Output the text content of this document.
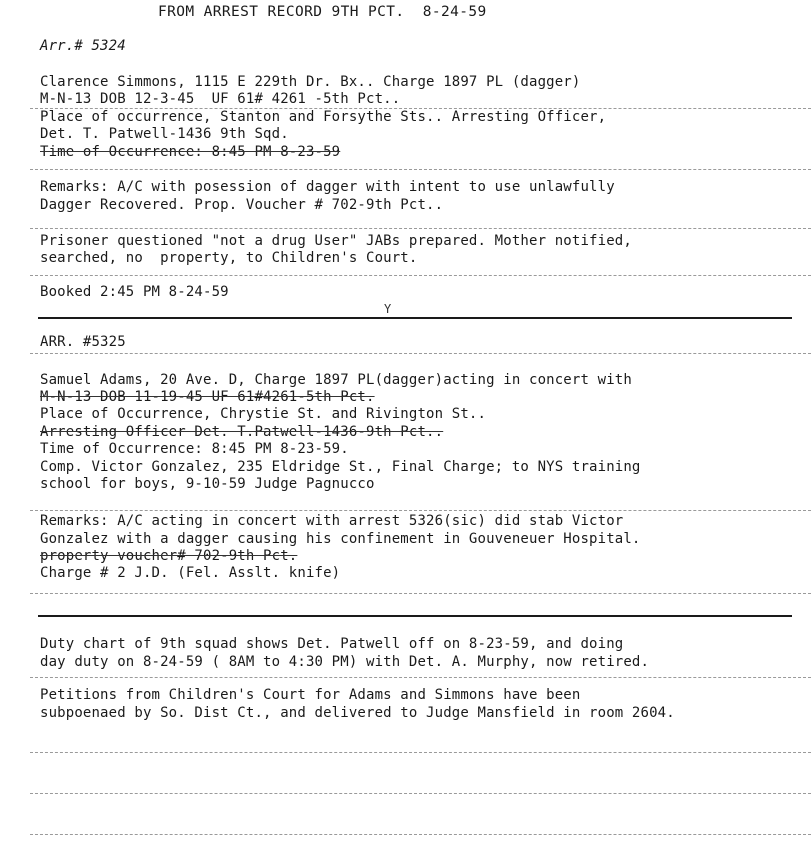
FROM ARREST RECORD 9TH PCT.  8-24-59
Arr.# 5324
Clarence Simmons, 1115 E 229th Dr. Bx.. Charge 1897 PL (dagger)
M-N-13 DOB 12-3-45  UF 61# 4261 -5th Pct..
Place of occurrence, Stanton and Forsythe Sts.. Arresting Officer,
Det. T. Patwell-1436 9th Sqd.
Time of Occurrence: 8:45 PM 8-23-59
Remarks: A/C with posession of dagger with intent to use unlawfully
Dagger Recovered. Prop. Voucher # 702-9th Pct..
Prisoner questioned "not a drug User" JABs prepared. Mother notified,
searched, no  property, to Children's Court.
Booked 2:45 PM 8-24-59
Y
ARR. #5325
Samuel Adams, 20 Ave. D, Charge 1897 PL(dagger)acting in concert with
M-N-13 DOB 11-19-45 UF 61#4261-5th Pct.
Place of Occurrence, Chrystie St. and Rivington St..
Arresting Officer Det. T.Patwell-1436-9th Pct..
Time of Occurrence: 8:45 PM 8-23-59.
Comp. Victor Gonzalez, 235 Eldridge St., Final Charge; to NYS training
school for boys, 9-10-59 Judge Pagnucco
Remarks: A/C acting in concert with arrest 5326(sic) did stab Victor
Gonzalez with a dagger causing his confinement in Gouveneuer Hospital.
property voucher# 702-9th Pct.
Charge # 2 J.D. (Fel. Asslt. knife)
Duty chart of 9th squad shows Det. Patwell off on 8-23-59, and doing
day duty on 8-24-59 ( 8AM to 4:30 PM) with Det. A. Murphy, now retired.
Petitions from Children's Court for Adams and Simmons have been
subpoenaed by So. Dist Ct., and delivered to Judge Mansfield in room 2604.
